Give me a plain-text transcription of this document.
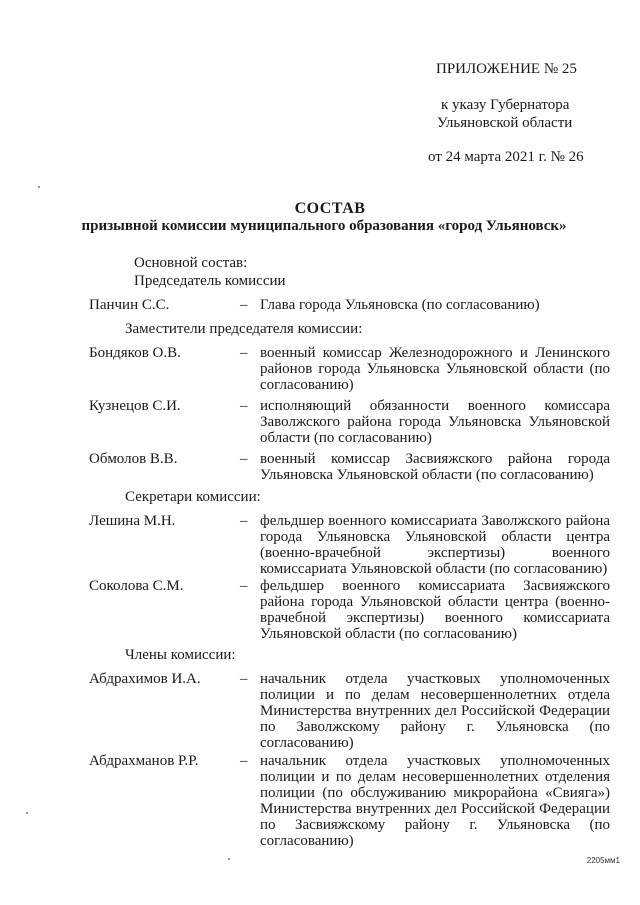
ПРИЛОЖЕНИЕ № 25
к указу Губернатора
Ульяновской области
от 24 марта 2021 г. № 26
СОСТАВ
призывной комиссии муниципального образования «город Ульяновск»
Основной состав:
Председатель комиссии
Панчин С.С.	– Глава города Ульяновска (по согласованию)
Заместители председателя комиссии:
Бондяков О.В.	– военный комиссар Железнодорожного и Ленинского районов города Ульяновска Ульяновской области (по согласованию)
Кузнецов С.И.	– исполняющий обязанности военного комиссара Заволжского района города Ульяновска Ульяновской области (по согласованию)
Обмолов В.В.	– военный комиссар Засвияжского района города Ульяновска Ульяновской области (по согласованию)
Секретари комиссии:
Лешина М.Н.	– фельдшер военного комиссариата Заволжского района города Ульяновска Ульяновской области центра (военно-врачебной экспертизы) военного комиссариата Ульяновской области (по согласованию)
Соколова С.М.	– фельдшер военного комиссариата Засвияжского района города Ульяновской области центра (военно-врачебной экспертизы) военного комиссариата Ульяновской области (по согласованию)
Члены комиссии:
Абдрахимов И.А.	– начальник отдела участковых уполномоченных полиции и по делам несовершеннолетних отдела Министерства внутренних дел Российской Федерации по Заволжскому району г. Ульяновска (по согласованию)
Абдрахманов Р.Р.	– начальник отдела участковых уполномоченных полиции и по делам несовершеннолетних отделения полиции (по обслуживанию микрорайона «Свияга») Министерства внутренних дел Российской Федерации по Засвияжскому району г. Ульяновска (по согласованию)
2205мм1
